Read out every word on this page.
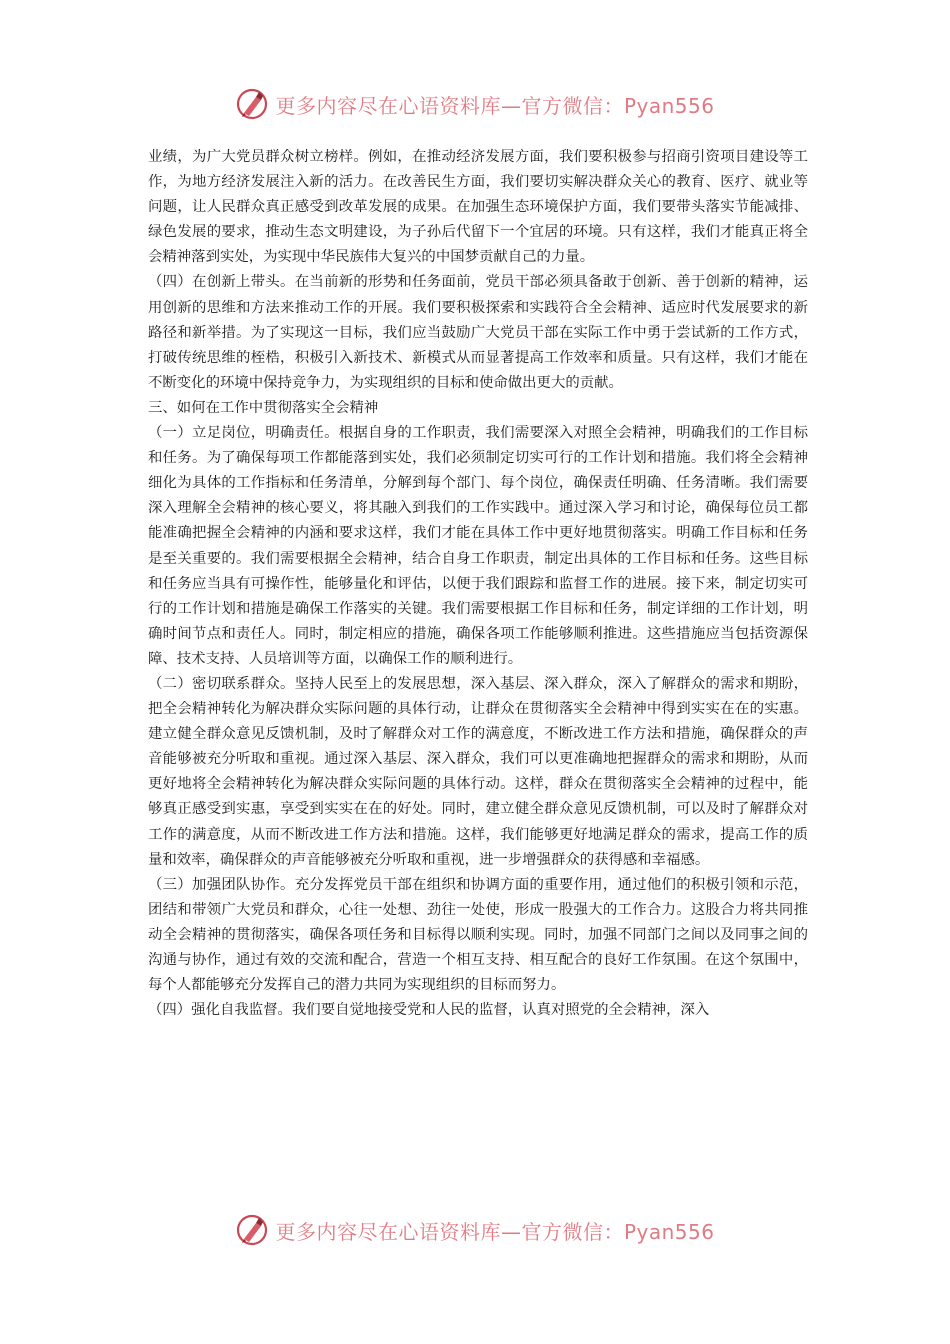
更多内容尽在心语资料库—官方微信：Pyan556

业绩，为广大党员群众树立榜样。例如，在推动经济发展方面，我们要积极参与招商引资项目建设等工作，为地方经济发展注入新的活力。在改善民生方面，我们要切实解决群众关心的教育、医疗、就业等问题，让人民群众真正感受到改革发展的成果。在加强生态环境保护方面，我们要带头落实节能减排、绿色发展的要求，推动生态文明建设，为子孙后代留下一个宜居的环境。只有这样，我们才能真正将全会精神落到实处，为实现中华民族伟大复兴的中国梦贡献自己的力量。

（四）在创新上带头。在当前新的形势和任务面前，党员干部必须具备敢于创新、善于创新的精神，运用创新的思维和方法来推动工作的开展。我们要积极探索和实践符合全会精神、适应时代发展要求的新路径和新举措。为了实现这一目标，我们应当鼓励广大党员干部在实际工作中勇于尝试新的工作方式，打破传统思维的桎梏，积极引入新技术、新模式从而显著提高工作效率和质量。只有这样，我们才能在不断变化的环境中保持竞争力，为实现组织的目标和使命做出更大的贡献。

三、如何在工作中贯彻落实全会精神

（一）立足岗位，明确责任。根据自身的工作职责，我们需要深入对照全会精神，明确我们的工作目标和任务。为了确保每项工作都能落到实处，我们必须制定切实可行的工作计划和措施。我们将全会精神细化为具体的工作指标和任务清单，分解到每个部门、每个岗位，确保责任明确、任务清晰。我们需要深入理解全会精神的核心要义，将其融入到我们的工作实践中。通过深入学习和讨论，确保每位员工都能准确把握全会精神的内涵和要求这样，我们才能在具体工作中更好地贯彻落实。明确工作目标和任务是至关重要的。我们需要根据全会精神，结合自身工作职责，制定出具体的工作目标和任务。这些目标和任务应当具有可操作性，能够量化和评估，以便于我们跟踪和监督工作的进展。接下来，制定切实可行的工作计划和措施是确保工作落实的关键。我们需要根据工作目标和任务，制定详细的工作计划，明确时间节点和责任人。同时，制定相应的措施，确保各项工作能够顺利推进。这些措施应当包括资源保障、技术支持、人员培训等方面，以确保工作的顺利进行。

（二）密切联系群众。坚持人民至上的发展思想，深入基层、深入群众，深入了解群众的需求和期盼，把全会精神转化为解决群众实际问题的具体行动，让群众在贯彻落实全会精神中得到实实在在的实惠。建立健全群众意见反馈机制，及时了解群众对工作的满意度，不断改进工作方法和措施，确保群众的声音能够被充分听取和重视。通过深入基层、深入群众，我们可以更准确地把握群众的需求和期盼，从而更好地将全会精神转化为解决群众实际问题的具体行动。这样，群众在贯彻落实全会精神的过程中，能够真正感受到实惠，享受到实实在在的好处。同时，建立健全群众意见反馈机制，可以及时了解群众对工作的满意度，从而不断改进工作方法和措施。这样，我们能够更好地满足群众的需求，提高工作的质量和效率，确保群众的声音能够被充分听取和重视，进一步增强群众的获得感和幸福感。

（三）加强团队协作。充分发挥党员干部在组织和协调方面的重要作用，通过他们的积极引领和示范，团结和带领广大党员和群众，心往一处想、劲往一处使，形成一股强大的工作合力。这股合力将共同推动全会精神的贯彻落实，确保各项任务和目标得以顺利实现。同时，加强不同部门之间以及同事之间的沟通与协作，通过有效的交流和配合，营造一个相互支持、相互配合的良好工作氛围。在这个氛围中，每个人都能够充分发挥自己的潜力共同为实现组织的目标而努力。

（四）强化自我监督。我们要自觉地接受党和人民的监督，认真对照党的全会精神，深入

更多内容尽在心语资料库—官方微信：Pyan556
